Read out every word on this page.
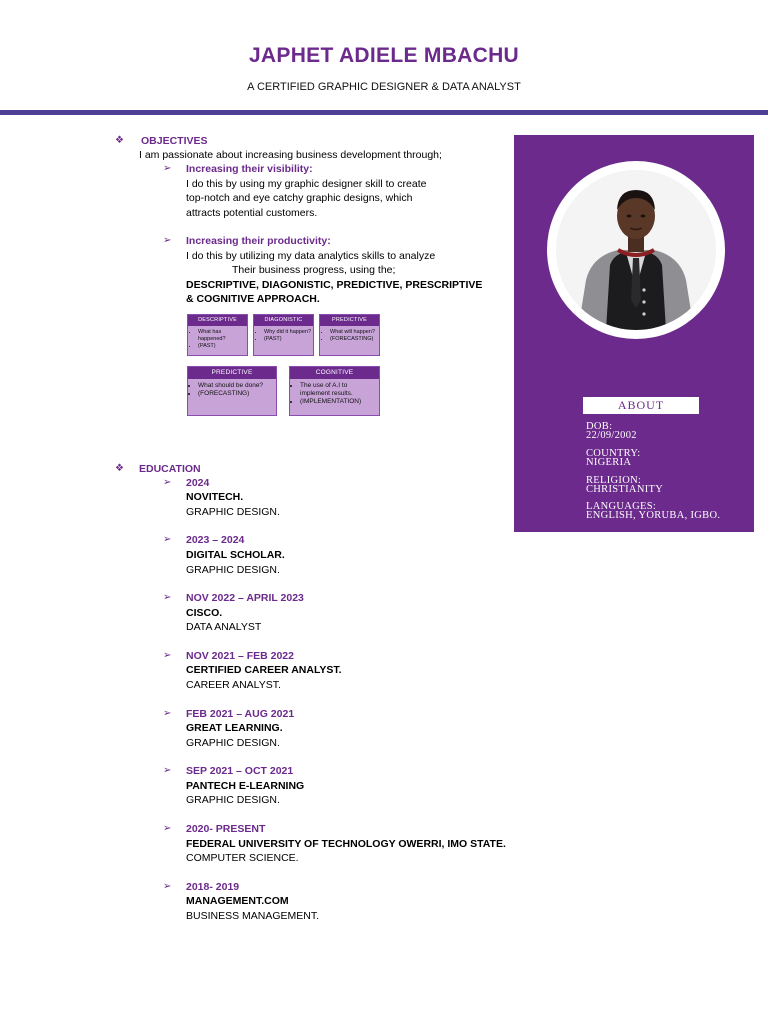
JAPHET ADIELE MBACHU
A CERTIFIED GRAPHIC DESIGNER & DATA ANALYST
❖ OBJECTIVES
I am passionate about increasing business development through;
➢ Increasing their visibility:
I do this by using my graphic designer skill to create
top-notch and eye catchy graphic designs, which
attracts potential customers.
➢ Increasing their productivity:
I do this by utilizing my data analytics skills to analyze
Their business progress, using the;
DESCRIPTIVE, DIAGONISTIC, PREDICTIVE, PRESCRIPTIVE
& COGNITIVE APPROACH.
DESCRIPTIVE
• What has happened?
• (PAST)
DIAGONISTIC
• Why did it happen?
• (PAST)
PREDICTIVE
• What will happen?
• (FORECASTING)
PREDICTIVE
• What should be done?
• (FORECASTING)
COGNITIVE
• The use of A.I to implement results.
• (IMPLEMENTATION)
❖ EDUCATION
➢ 2024
NOVITECH.
GRAPHIC DESIGN.
➢ 2023 – 2024
DIGITAL SCHOLAR.
GRAPHIC DESIGN.
➢ NOV 2022 – APRIL 2023
CISCO.
DATA ANALYST
➢ NOV 2021 – FEB 2022
CERTIFIED CAREER ANALYST.
CAREER ANALYST.
➢ FEB 2021 – AUG 2021
GREAT LEARNING.
GRAPHIC DESIGN.
➢ SEP 2021 – OCT 2021
PANTECH E-LEARNING
GRAPHIC DESIGN.
➢ 2020- PRESENT
FEDERAL UNIVERSITY OF TECHNOLOGY OWERRI, IMO STATE.
COMPUTER SCIENCE.
➢ 2018- 2019
MANAGEMENT.COM
BUSINESS MANAGEMENT.
ABOUT
DOB:
22/09/2002
COUNTRY:
NIGERIA
RELIGION:
CHRISTIANITY
LANGUAGES:
ENGLISH, YORUBA, IGBO.
